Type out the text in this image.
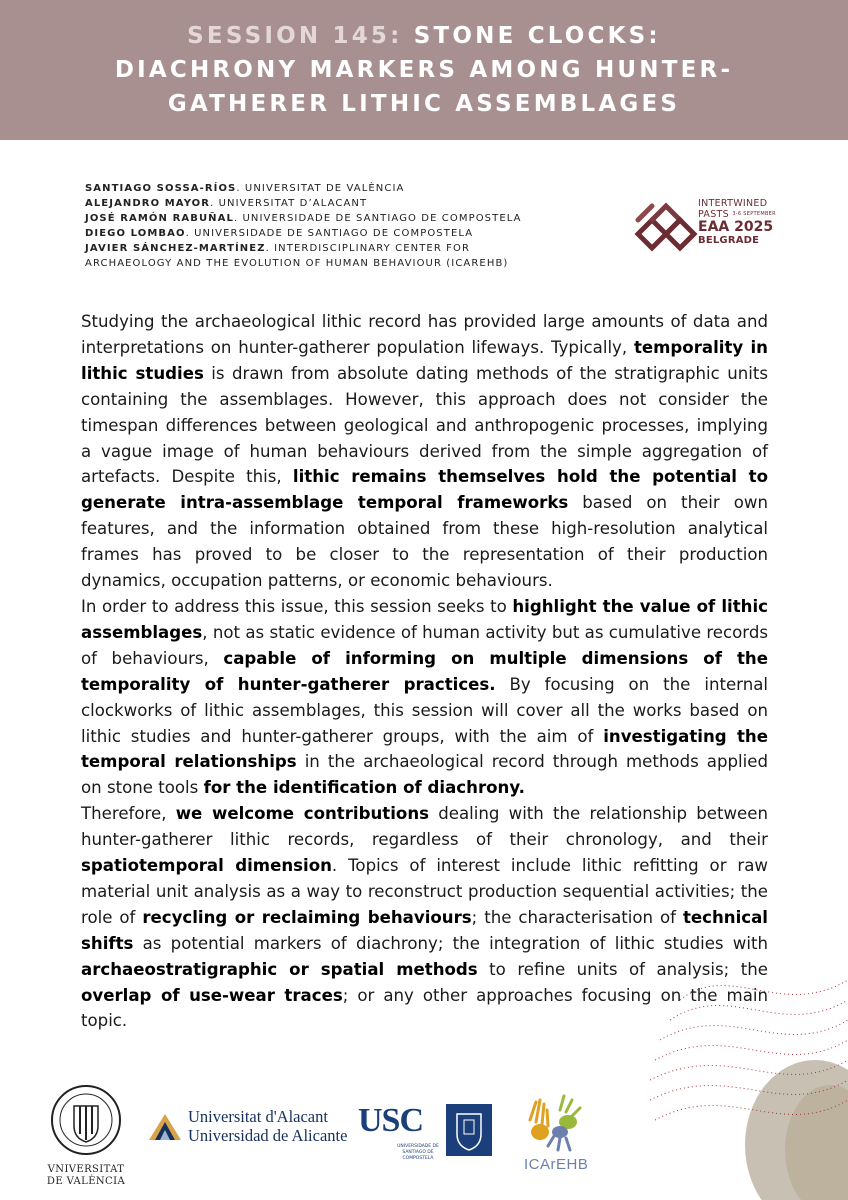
SESSION 145: STONE CLOCKS:
DIACHRONY MARKERS AMONG HUNTER-
GATHERER LITHIC ASSEMBLAGES
SANTIAGO SOSSA-RÍOS. UNIVERSITAT DE VALÈNCIA
ALEJANDRO MAYOR. UNIVERSITAT D’ALACANT
JOSÉ RAMÓN RABUÑAL. UNIVERSIDADE DE SANTIAGO DE COMPOSTELA
DIEGO LOMBAO. UNIVERSIDADE DE SANTIAGO DE COMPOSTELA
JAVIER SÁNCHEZ-MARTÍNEZ. INTERDISCIPLINARY CENTER FOR
ARCHAEOLOGY AND THE EVOLUTION OF HUMAN BEHAVIOUR (ICAREHB)
INTERTWINED
PASTS 3-6 SEPTEMBER
EAA 2025
BELGRADE

Studying the archaeological lithic record has provided large amounts of data and interpretations on hunter-gatherer population lifeways. Typically, temporality in lithic studies is drawn from absolute dating methods of the stratigraphic units containing the assemblages. However, this approach does not consider the timespan differences between geological and anthropogenic processes, implying a vague image of human behaviours derived from the simple aggregation of artefacts. Despite this, lithic remains themselves hold the potential to generate intra-assemblage temporal frameworks based on their own features, and the information obtained from these high-resolution analytical frames has proved to be closer to the representation of their production dynamics, occupation patterns, or economic behaviours.

In order to address this issue, this session seeks to highlight the value of lithic assemblages, not as static evidence of human activity but as cumulative records of behaviours, capable of informing on multiple dimensions of the temporality of hunter-gatherer practices. By focusing on the internal clockworks of lithic assemblages, this session will cover all the works based on lithic studies and hunter-gatherer groups, with the aim of investigating the temporal relationships in the archaeological record through methods applied on stone tools for the identification of diachrony.

Therefore, we welcome contributions dealing with the relationship between hunter-gatherer lithic records, regardless of their chronology, and their spatiotemporal dimension. Topics of interest include lithic refitting or raw material unit analysis as a way to reconstruct production sequential activities; the role of recycling or reclaiming behaviours; the characterisation of technical shifts as potential markers of diachrony; the integration of lithic studies with archaeostratigraphic or spatial methods to refine units of analysis; the overlap of use-wear traces; or any other approaches focusing on the main topic.

VNIVERSITAT
DE VALÈNCIA
Universitat d'Alacant
Universidad de Alicante USC
UNIVERSIDADE DE SANTIAGO DE COMPOSTELA	ICArEHB
